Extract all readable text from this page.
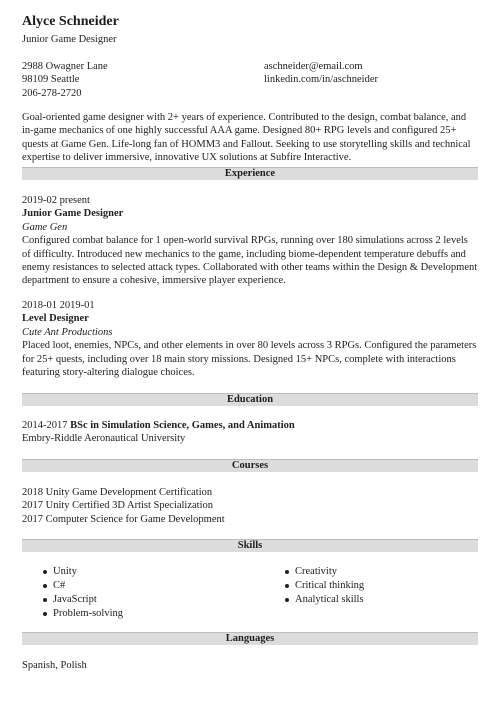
Alyce Schneider
Junior Game Designer
2988 Owagner Lane
98109 Seattle
206-278-2720
aschneider@email.com
linkedin.com/in/aschneider
Goal-oriented game designer with 2+ years of experience. Contributed to the design, combat balance, and in-game mechanics of one highly successful AAA game. Designed 80+ RPG levels and configured 25+ quests at Game Gen. Life-long fan of HOMM3 and Fallout. Seeking to use storytelling skills and technical expertise to deliver immersive, innovative UX solutions at Subfire Interactive.
Experience
2019-02 present
Junior Game Designer
Game Gen
Configured combat balance for 1 open-world survival RPGs, running over 180 simulations across 2 levels of difficulty. Introduced new mechanics to the game, including biome-dependent temperature debuffs and enemy resistances to selected attack types. Collaborated with other teams within the Design & Development department to ensure a cohesive, immersive player experience.
2018-01 2019-01
Level Designer
Cute Ant Productions
Placed loot, enemies, NPCs, and other elements in over 80 levels across 3 RPGs. Configured the parameters for 25+ quests, including over 18 main story missions. Designed 15+ NPCs, complete with interactions featuring story-altering dialogue choices.
Education
2014-2017 BSc in Simulation Science, Games, and Animation
Embry-Riddle Aeronautical University
Courses
2018 Unity Game Development Certification
2017 Unity Certified 3D Artist Specialization
2017 Computer Science for Game Development
Skills
Unity
C#
JavaScript
Problem-solving
Creativity
Critical thinking
Analytical skills
Languages
Spanish, Polish
